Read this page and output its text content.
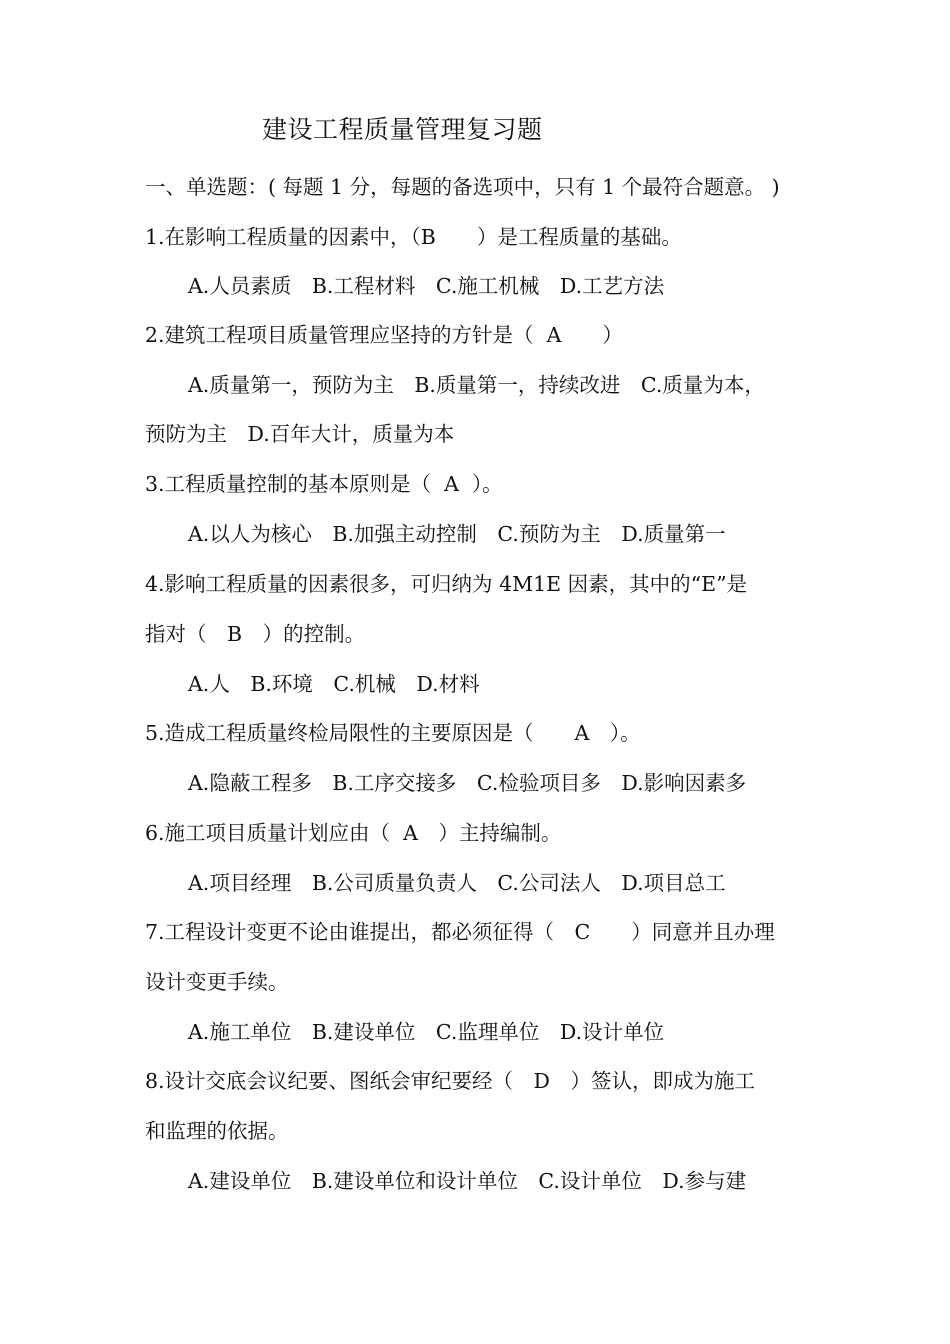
建设工程质量管理复习题
一、单选题：( 每题 1 分，每题的备选项中，只有 1 个最符合题意。 )
1.在影响工程质量的因素中，（B　　）是工程质量的基础。
A.人员素质　B.工程材料　C.施工机械　D.工艺方法
2.建筑工程项目质量管理应坚持的方针是（  A　　）
A.质量第一，预防为主　B.质量第一，持续改进　C.质量为本，
预防为主　D.百年大计，质量为本
3.工程质量控制的基本原则是（  A  ）。
A.以人为核心　B.加强主动控制　C.预防为主　D.质量第一
4.影响工程质量的因素很多，可归纳为 4M1E 因素，其中的“E”是
指对（　B　）的控制。
A.人　B.环境　C.机械　D.材料
5.造成工程质量终检局限性的主要原因是（　　A　）。
A.隐蔽工程多　B.工序交接多　C.检验项目多　D.影响因素多
6.施工项目质量计划应由（  A　）主持编制。
A.项目经理　B.公司质量负责人　C.公司法人　D.项目总工
7.工程设计变更不论由谁提出，都必须征得（　C　　）同意并且办理
设计变更手续。
A.施工单位　B.建设单位　C.监理单位　D.设计单位
8.设计交底会议纪要、图纸会审纪要经（　D　）签认，即成为施工
和监理的依据。
A.建设单位　B.建设单位和设计单位　C.设计单位　D.参与建
